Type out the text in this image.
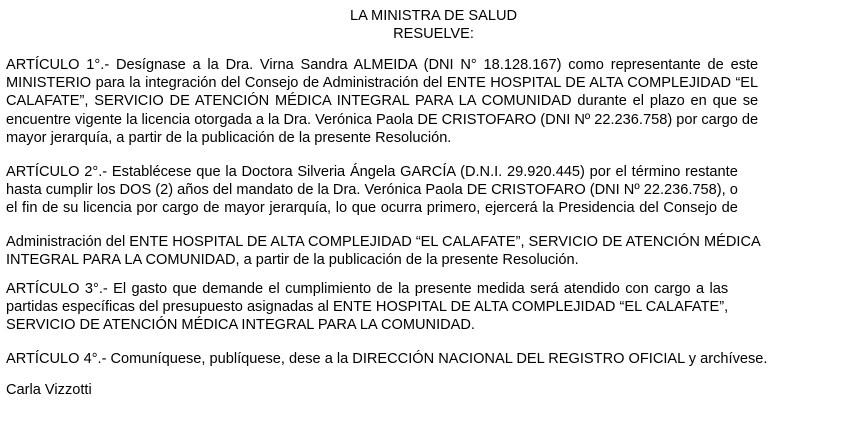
LA MINISTRA DE SALUD
RESUELVE:
ARTÍCULO 1°.- Desígnase a la Dra. Virna Sandra ALMEIDA (DNI N° 18.128.167) como representante de este
MINISTERIO para la integración del Consejo de Administración del ENTE HOSPITAL DE ALTA COMPLEJIDAD “EL
CALAFATE”, SERVICIO DE ATENCIÓN MÉDICA INTEGRAL PARA LA COMUNIDAD durante el plazo en que se
encuentre vigente la licencia otorgada a la Dra. Verónica Paola DE CRISTOFARO (DNI Nº 22.236.758) por cargo de
mayor jerarquía, a partir de la publicación de la presente Resolución.
ARTÍCULO 2°.- Establécese que la Doctora Silveria Ángela GARCÍA (D.N.I. 29.920.445) por el término restante
hasta cumplir los DOS (2) años del mandato de la Dra. Verónica Paola DE CRISTOFARO (DNI Nº 22.236.758), o
el fin de su licencia por cargo de mayor jerarquía, lo que ocurra primero, ejercerá la Presidencia del Consejo de
Administración del ENTE HOSPITAL DE ALTA COMPLEJIDAD “EL CALAFATE”, SERVICIO DE ATENCIÓN MÉDICA
INTEGRAL PARA LA COMUNIDAD, a partir de la publicación de la presente Resolución.
ARTÍCULO 3°.- El gasto que demande el cumplimiento de la presente medida será atendido con cargo a las
partidas específicas del presupuesto asignadas al ENTE HOSPITAL DE ALTA COMPLEJIDAD “EL CALAFATE”,
SERVICIO DE ATENCIÓN MÉDICA INTEGRAL PARA LA COMUNIDAD.
ARTÍCULO 4°.- Comuníquese, publíquese, dese a la DIRECCIÓN NACIONAL DEL REGISTRO OFICIAL y archívese.
Carla Vizzotti
